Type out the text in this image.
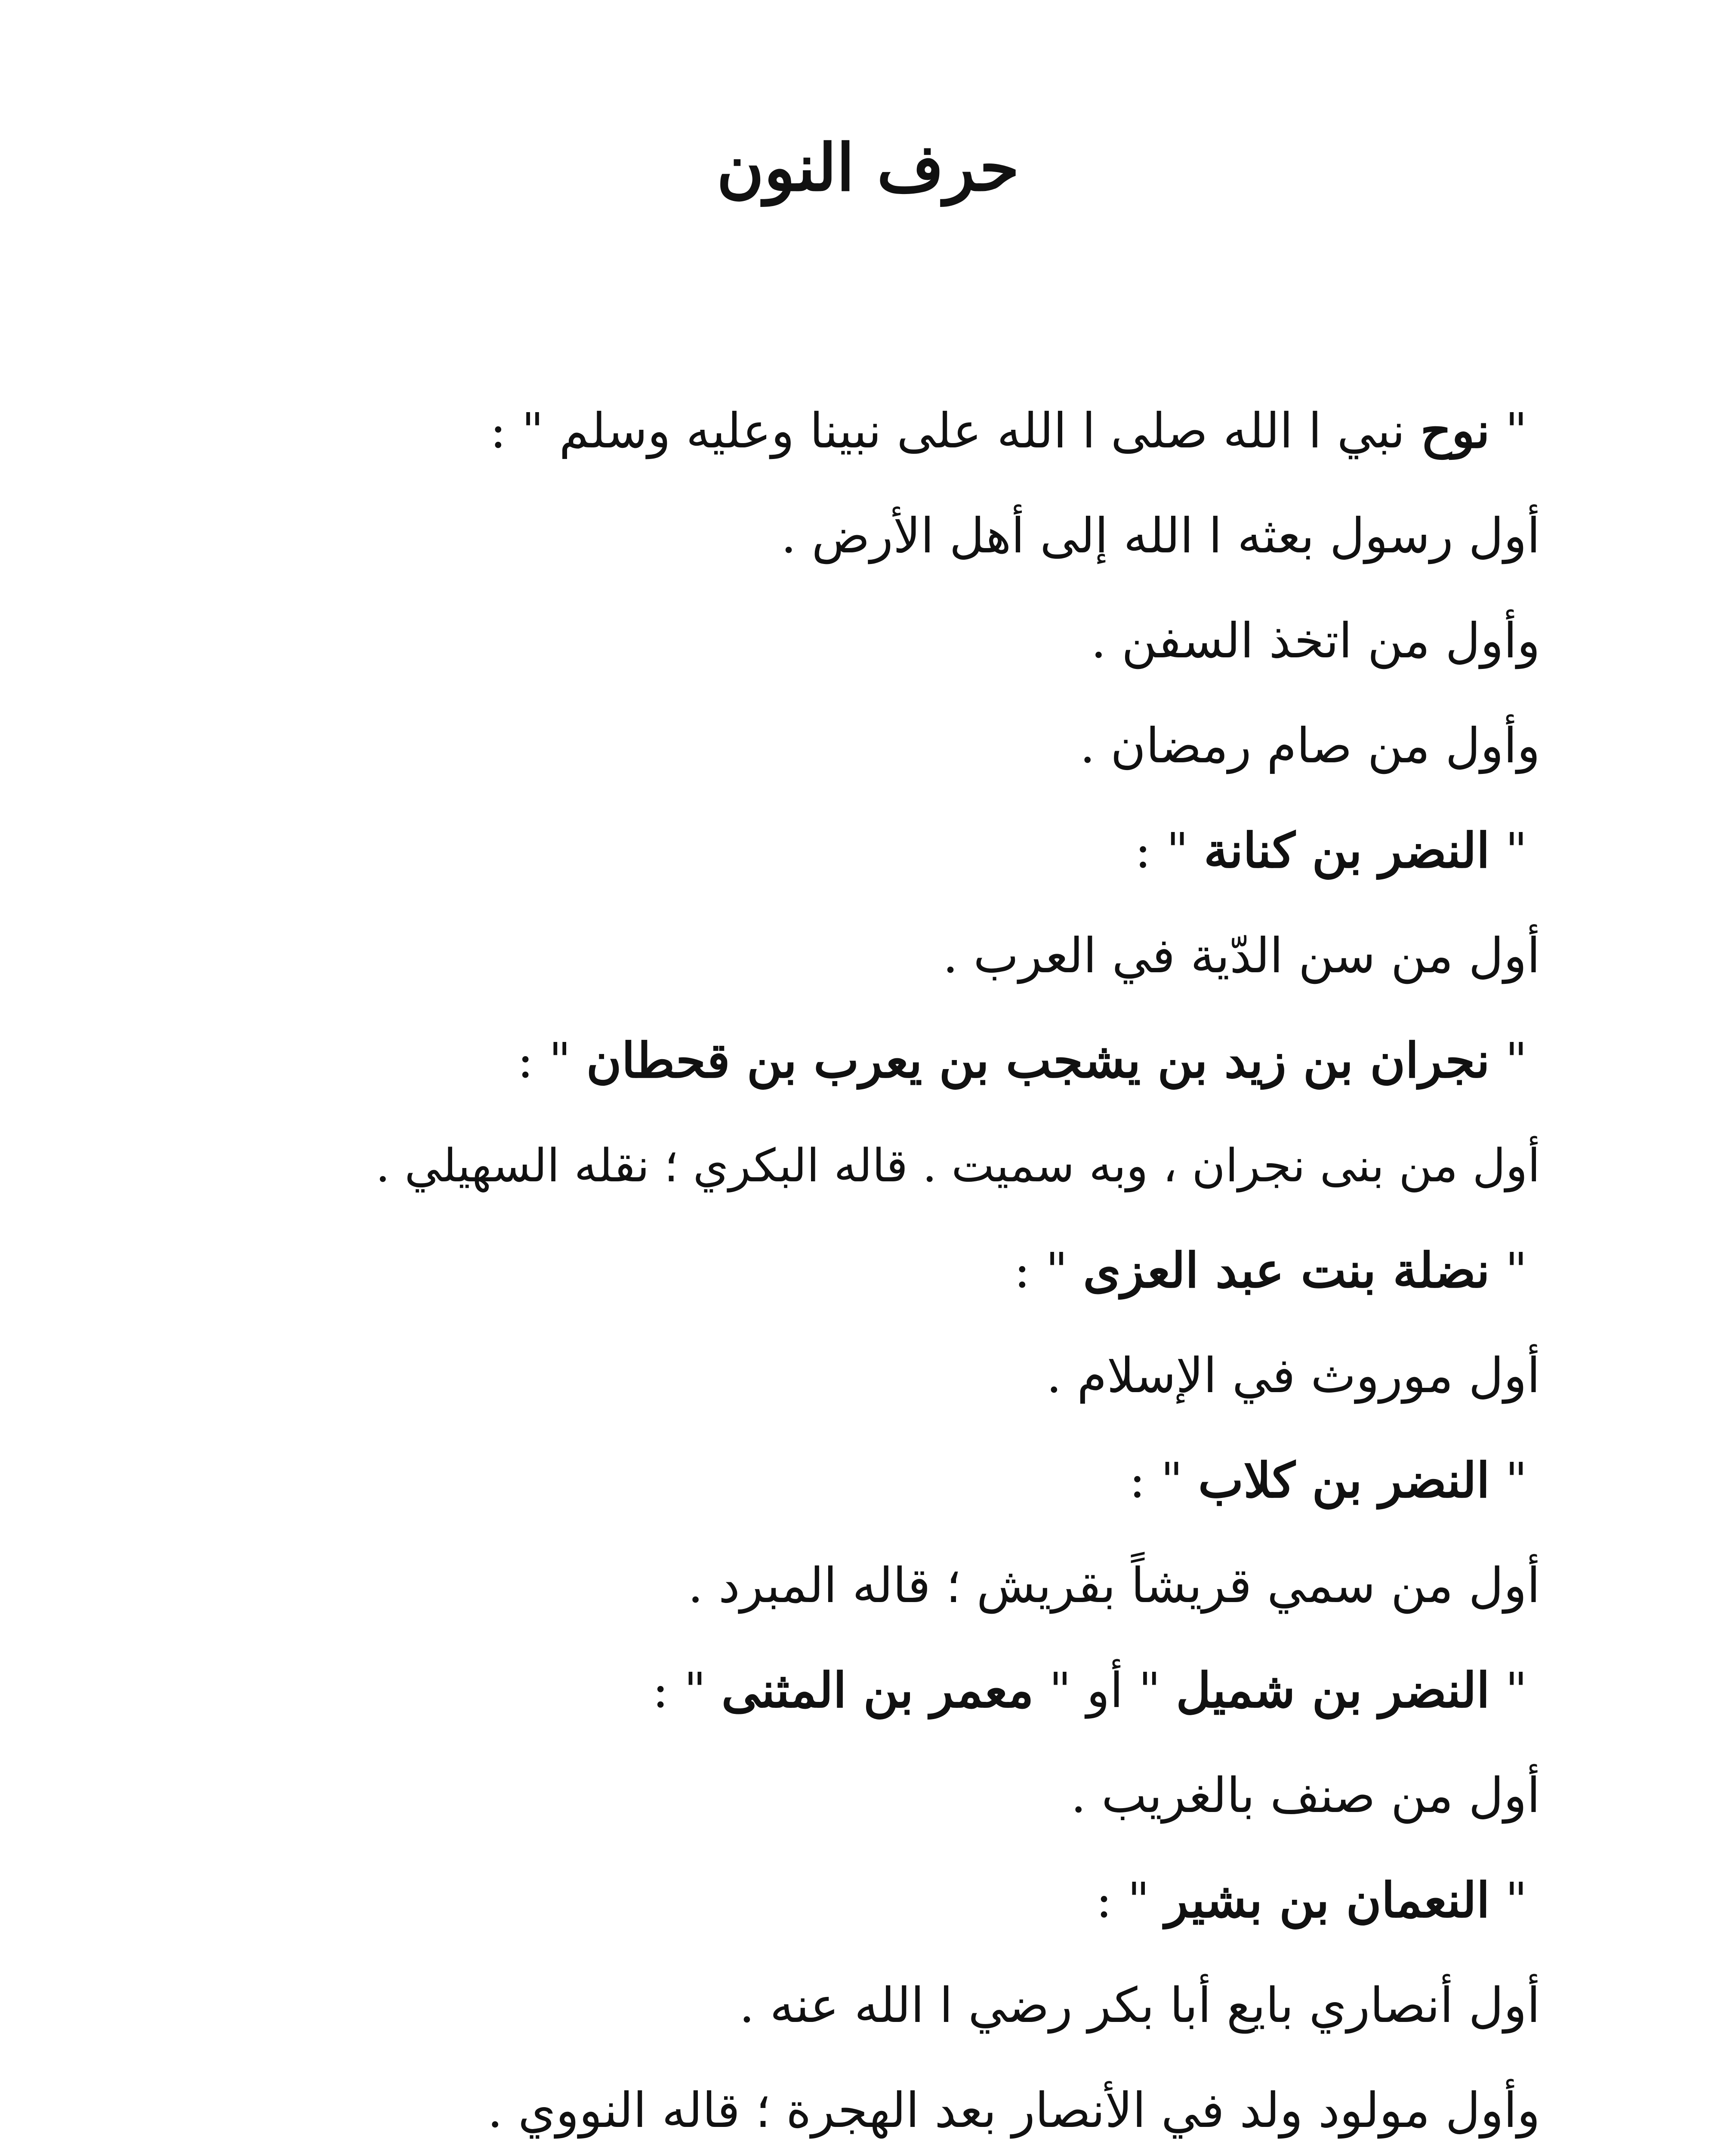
حرف النون
" نوح نبي ا الله صلى ا الله على نبينا وعليه وسلم " :
أول رسول بعثه ا الله إلى أهل الأرض .
وأول من اتخذ السفن .
وأول من صام رمضان .
" النضر بن كنانة " :
أول من سن الدّية في العرب .
" نجران بن زيد بن يشجب بن يعرب بن قحطان " :
أول من بنى نجران ، وبه سميت . قاله البكري ؛ نقله السهيلي .
" نضلة بنت عبد العزى " :
أول موروث في الإسلام .
" النضر بن كلاب " :
أول من سمي قريشاً بقريش ؛ قاله المبرد .
" النضر بن شميل " أو " معمر بن المثنى " :
أول من صنف بالغريب .
" النعمان بن بشير " :
أول أنصاري بايع أبا بكر رضي ا الله عنه .
وأول مولود ولد في الأنصار بعد الهجرة ؛ قاله النووي .
